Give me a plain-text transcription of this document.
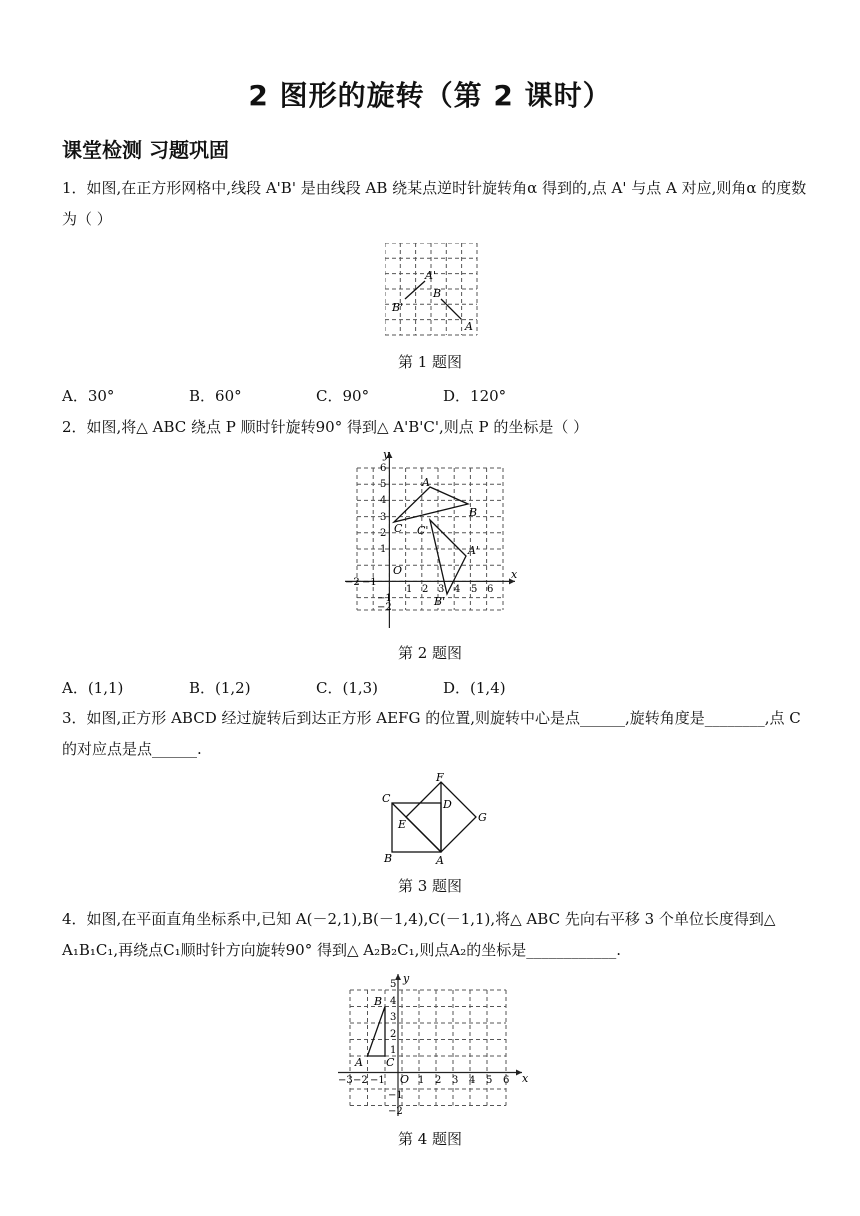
2 图形的旋转（第 2 课时）
课堂检测 习题巩固
1．如图,在正方形网格中,线段 A'B' 是由线段 AB 绕某点逆时针旋转角α 得到的,点 A' 与点 A 对应,则角α 的度数为（ ）
A'
B'
B
A
第 1 题图
A．30°	B．60°	C．90°	D．120°
2．如图,将△ ABC 绕点 P 顺时针旋转90° 得到△ A'B'C',则点 P 的坐标是（ ）
−2 −1
1 2 3 4 5 6
6
5
4
3
2
1
−1
−2
O	x
y
A
B
C C'
A'
B'
第 2 题图
A．(1,1)	B．(1,2)	C．(1,3)	D．(1,4)
3．如图,正方形 ABCD 经过旋转后到达正方形 AEFG 的位置,则旋转中心是点______,旋转角度是________,点 C 的对应点是点______.
C
B	A
D
E
F
G
第 3 题图
4．如图,在平面直角坐标系中,已知 A(－2,1),B(－1,4),C(－1,1),将△ ABC 先向右平移 3 个单位长度得到△ A₁B₁C₁,再绕点C₁顺时针方向旋转90° 得到△ A₂B₂C₁,则点A₂的坐标是____________.
−3 −2 −1	1 2 3 4 5 6
5
4
3
2
1
−1
−2
O	x
y
B
A C
第 4 题图
